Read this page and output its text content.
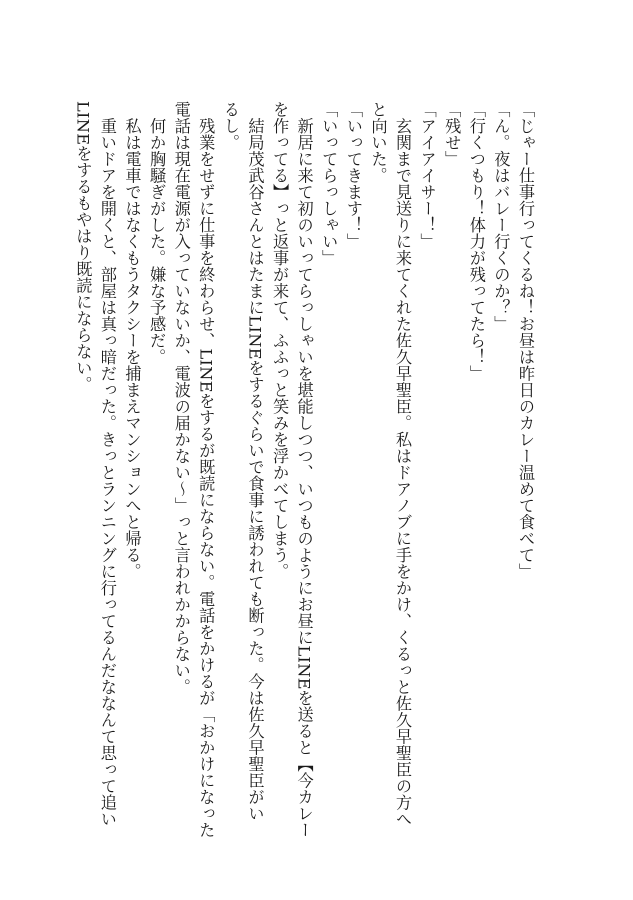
「じゃー仕事行ってくるね！お昼は昨日のカレー温めて食べて」
「ん。夜はバレー行くのか？」
「行くつもり！体力が残ってたら！」
「残せ」
「アイアイサー！」
　玄関まで見送りに来てくれた佐久早聖臣。私はドアノブに手をかけ、くるっと佐久早聖臣の方へ
と向いた。
「いってきます！」
「いってらっしゃい」
　新居に来て初のいってらっしゃいを堪能しつつ、いつものようにお昼にLINEを送ると【今カレー
を作ってる】っと返事が来て、ふふっと笑みを浮かべてしまう。
　結局茂武谷さんとはたまにLINEをするぐらいで食事に誘われても断った。今は佐久早聖臣がい
るし。
　残業をせずに仕事を終わらせ、LINEをするが既読にならない。電話をかけるが「おかけになった
電話は現在電源が入っていないか、電波の届かない～」っと言われかからない。
　何か胸騒ぎがした。嫌な予感だ。
　私は電車ではなくもうタクシーを捕まえマンションへと帰る。
　重いドアを開くと、部屋は真っ暗だった。きっとランニングに行ってるんだななんて思って追い
LINEをするもやはり既読にならない。
